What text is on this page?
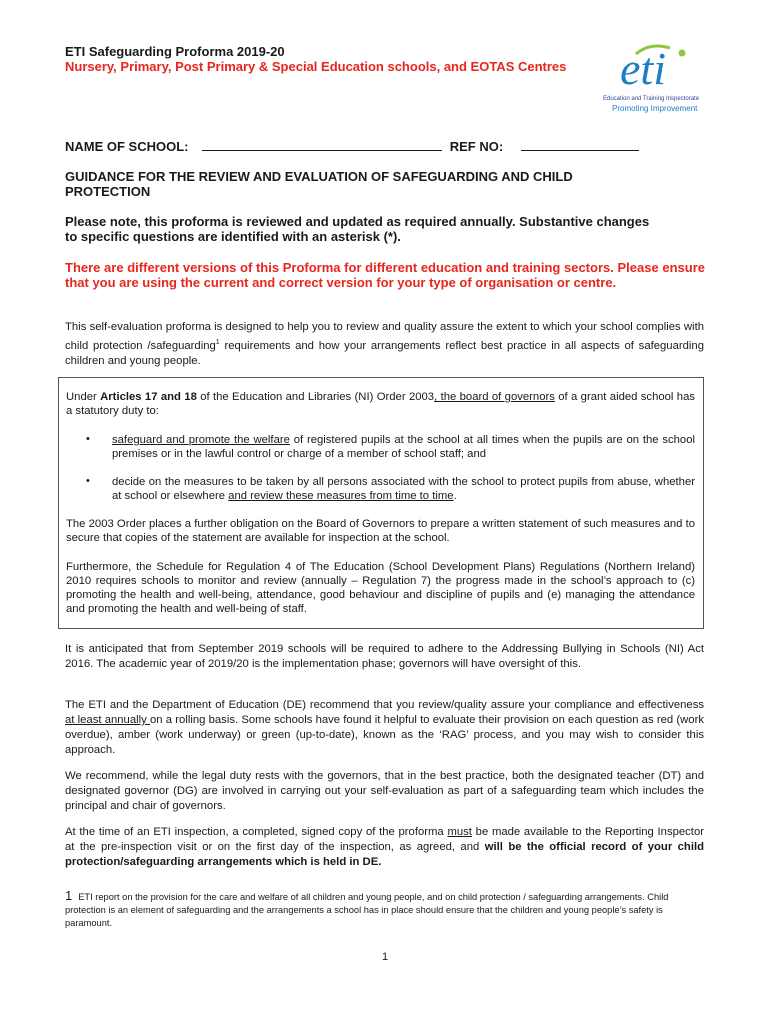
ETI Safeguarding Proforma 2019-20
Nursery, Primary, Post Primary & Special Education schools, and EOTAS Centres eti
Education and Training Inspectorate
Promoting Improvement
NAME OF SCHOOL:	REF NO:
GUIDANCE FOR THE REVIEW AND EVALUATION OF SAFEGUARDING AND CHILD PROTECTION
Please note, this proforma is reviewed and updated as required annually. Substantive changes to specific questions are identified with an asterisk (*).
There are different versions of this Proforma for different education and training sectors. Please ensure that you are using the current and correct version for your type of organisation or centre.
This self-evaluation proforma is designed to help you to review and quality assure the extent to which your school complies with child protection /safeguarding$^1$ requirements and how your arrangements reflect best practice in all aspects of safeguarding children and young people.
Under Articles 17 and 18 of the Education and Libraries (NI) Order 2003, the board of governors of a grant aided school has a statutory duty to:
• safeguard and promote the welfare of registered pupils at the school at all times when the pupils are on the school premises or in the lawful control or charge of a member of school staff; and
• decide on the measures to be taken by all persons associated with the school to protect pupils from abuse, whether at school or elsewhere and review these measures from time to time.
The 2003 Order places a further obligation on the Board of Governors to prepare a written statement of such measures and to secure that copies of the statement are available for inspection at the school.
Furthermore, the Schedule for Regulation 4 of The Education (School Development Plans) Regulations (Northern Ireland) 2010 requires schools to monitor and review (annually – Regulation 7) the progress made in the school’s approach to (c) promoting the health and well-being, attendance, good behaviour and discipline of pupils and (e) managing the attendance and promoting the health and well-being of staff.
It is anticipated that from September 2019 schools will be required to adhere to the Addressing Bullying in Schools (NI) Act 2016. The academic year of 2019/20 is the implementation phase; governors will have oversight of this.
The ETI and the Department of Education (DE) recommend that you review/quality assure your compliance and effectiveness at least annually on a rolling basis. Some schools have found it helpful to evaluate their provision on each question as red (work overdue), amber (work underway) or green (up-to-date), known as the ‘RAG’ process, and you may wish to consider this approach.
We recommend, while the legal duty rests with the governors, that in the best practice, both the designated teacher (DT) and designated governor (DG) are involved in carrying out your self-evaluation as part of a safeguarding team which includes the principal and chair of governors.
At the time of an ETI inspection, a completed, signed copy of the proforma must be made available to the Reporting Inspector at the pre-inspection visit or on the first day of the inspection, as agreed, and will be the official record of your child protection/safeguarding arrangements which is held in DE.
1 ETI report on the provision for the care and welfare of all children and young people, and on child protection / safeguarding arrangements. Child protection is an element of safeguarding and the arrangements a school has in place should ensure that the children and young people’s safety is paramount.
1
